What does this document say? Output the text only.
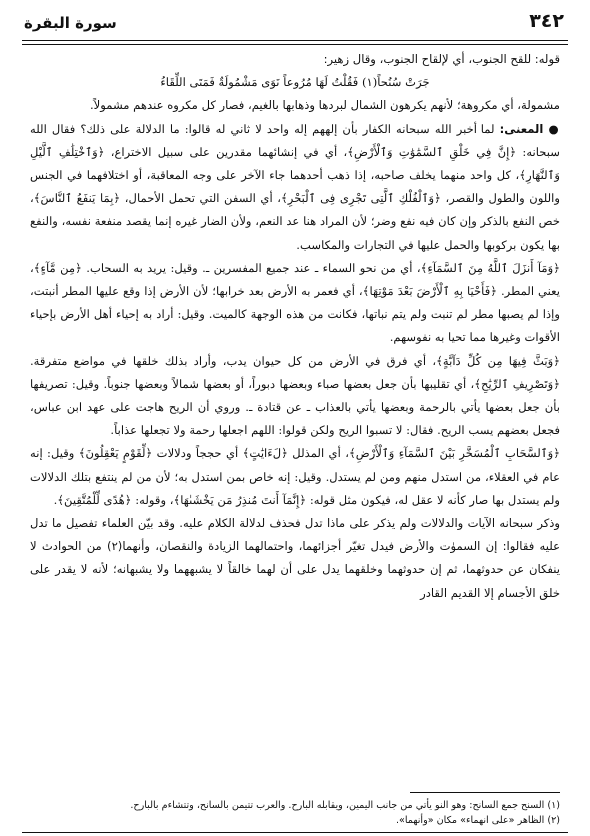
٣٤٢
سورة البقرة

قوله: للقح الجنوب، أي لإلقاح الجنوب، وقال زهير:

جَرَتْ سُنُحاً(١) فَقُلْتُ لَهَا مُرُوعاً نَوَى مَشْمُولَةٌ فَمَتَى اللِّقَاءُ

مشمولة، أي مكروهة؛ لأنهم يكرهون الشمال لبردها وذهابها بالغيم، فصار كل مكروه عندهم مشمولاً.

● المعنى: لما أخبر الله سبحانه الكفار بأن إلههم إله واحد لا ثاني له قالوا: ما الدلالة على ذلك؟ فقال الله سبحانه: ﴿إِنَّ فِي خَلْقِ ٱلسَّمَٰوَٰتِ وَٱلْأَرْضِ﴾، أي في إنشائهما مقدرين على سبيل الاختراع، ﴿وَٱخْتِلَٰفِ ٱلَّيْلِ وَٱلنَّهَارِ﴾، كل واحد منهما يخلف صاحبه، إذا ذهب أحدهما جاء الآخر على وجه المعاقبة، أو اختلافهما في الجنس واللون والطول والقصر، ﴿وَٱلْفُلْكِ ٱلَّتِى تَجْرِى فِى ٱلْبَحْرِ﴾، أي السفن التي تحمل الأحمال، ﴿بِمَا يَنفَعُ ٱلنَّاسَ﴾، خص النفع بالذكر وإن كان فيه نفع وضر؛ لأن المراد هنا عد النعم، ولأن الضار غيره إنما يقصد منفعة نفسه، والنفع بها يكون بركوبها والحمل عليها في التجارات والمكاسب.

﴿وَمَآ أَنزَلَ ٱللَّهُ مِنَ ٱلسَّمَآءِ﴾، أي من نحو السماء ـ عند جميع المفسرين ـ. وقيل: يريد به السحاب. ﴿مِن مَّآءٍ﴾، يعني المطر. ﴿فَأَحْيَا بِهِ ٱلْأَرْضَ بَعْدَ مَوْتِهَا﴾، أي فعمر به الأرض بعد خرابها؛ لأن الأرض إذا وقع عليها المطر أنبتت، وإذا لم يصبها مطر لم تنبت ولم يتم نباتها، فكانت من هذه الوجهة كالميت. وقيل: أراد به إحياء أهل الأرض بإحياء الأقوات وغيرها مما تحيا به نفوسهم.

﴿وَبَثَّ فِيهَا مِن كُلِّ دَآبَّةٍ﴾، أي فرق في الأرض من كل حيوان يدب، وأراد بذلك خلقها في مواضع متفرقة. ﴿وَتَصْرِيفِ ٱلرِّيَٰحِ﴾، أي تقليبها بأن جعل بعضها صباء وبعضها دبوراً، أو بعضها شمالاً وبعضها جنوباً. وقيل: تصريفها بأن جعل بعضها يأتي بالرحمة وبعضها يأتي بالعذاب ـ عن قتادة ـ. وروي أن الريح هاجت على عهد ابن عباس، فجعل بعضهم يسب الريح. فقال: لا تسبوا الريح ولكن قولوا: اللهم اجعلها رحمة ولا تجعلها عذاباً.

﴿وَٱلسَّحَابِ ٱلْمُسَخَّرِ بَيْنَ ٱلسَّمَآءِ وَٱلْأَرْضِ﴾، أي المذلل ﴿لَءَايَٰتٍ﴾ أي حججاً ودلالات ﴿لِّقَوْمٍ يَعْقِلُونَ﴾ وقيل: إنه عام في العقلاء، من استدل منهم ومن لم يستدل. وقيل: إنه خاص بمن استدل به؛ لأن من لم ينتفع بتلك الدلالات ولم يستدل بها صار كأنه لا عقل له، فيكون مثل قوله: ﴿إِنَّمَآ أَنتَ مُنذِرُ مَن يَخْشَىٰهَا﴾، وقوله: ﴿هُدًى لِّلْمُتَّقِينَ﴾.

وذكر سبحانه الآيات والدلالات ولم يذكر على ماذا تدل فحذف لدلالة الكلام عليه. وقد بيّن العلماء تفصيل ما تدل عليه فقالوا: إن السموٰت والأرض فيدل تغيّر أجزائهما، واحتمالهما الزيادة والنقصان، وأنهما(٢) من الحوادث لا ينفكان عن حدوثهما، ثم إن حدوثهما وخلقهما يدل على أن لهما خالقاً لا يشبههما ولا يشبهانه؛ لأنه لا يقدر على خلق الأجسام إلا القديم القادر

(١) السنح جمع السانح: وهو النو يأتي من جانب اليمين، ويقابله البارح. والعرب تتيمن بالسانح، وتتشاءم بالبارح.

(٢) الظاهر «على انهماء» مكان «وأنهما».
